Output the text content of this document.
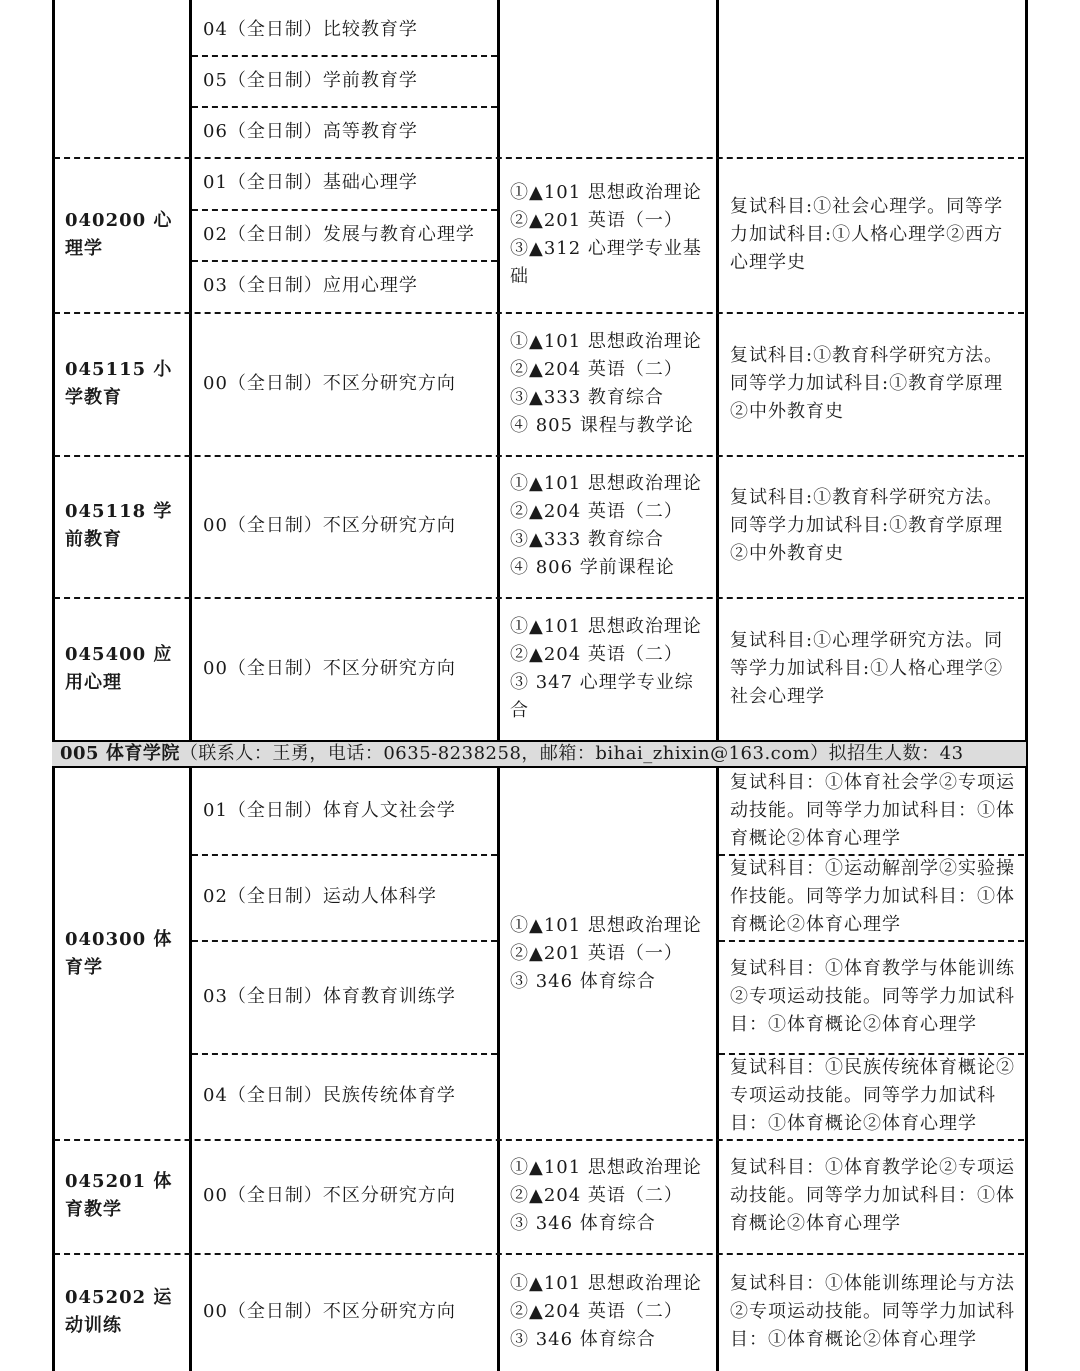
04（全日制）比较教育学
05（全日制）学前教育学
06（全日制）高等教育学
040200 心理学
01（全日制）基础心理学
02（全日制）发展与教育心理学
03（全日制）应用心理学
①▲101 思想政治理论
②▲201 英语（一）
③▲312 心理学专业基础
复试科目:①社会心理学。同等学力加试科目:①人格心理学②西方心理学史
045115 小学教育
00（全日制）不区分研究方向
①▲101 思想政治理论
②▲204 英语（二）
③▲333 教育综合
④ 805 课程与教学论
复试科目:①教育科学研究方法。同等学力加试科目:①教育学原理②中外教育史
045118 学前教育
00（全日制）不区分研究方向
①▲101 思想政治理论
②▲204 英语（二）
③▲333 教育综合
④ 806 学前课程论
复试科目:①教育科学研究方法。同等学力加试科目:①教育学原理②中外教育史
045400 应用心理
00（全日制）不区分研究方向
①▲101 思想政治理论
②▲204 英语（二）
③ 347 心理学专业综合
复试科目:①心理学研究方法。同等学力加试科目:①人格心理学②社会心理学
005 体育学院（联系人：王勇，电话：0635-8238258，邮箱：bihai_zhixin@163.com）拟招生人数：43
040300 体育学
01（全日制）体育人文社会学
02（全日制）运动人体科学
03（全日制）体育教育训练学
04（全日制）民族传统体育学
①▲101 思想政治理论
②▲201 英语（一）
③ 346 体育综合
复试科目：①体育社会学②专项运动技能。同等学力加试科目：①体育概论②体育心理学
复试科目：①运动解剖学②实验操作技能。同等学力加试科目：①体育概论②体育心理学
复试科目：①体育教学与体能训练②专项运动技能。同等学力加试科目：①体育概论②体育心理学
复试科目：①民族传统体育概论②专项运动技能。同等学力加试科目：①体育概论②体育心理学
045201 体育教学
00（全日制）不区分研究方向
①▲101 思想政治理论
②▲204 英语（二）
③ 346 体育综合
复试科目：①体育教学论②专项运动技能。同等学力加试科目：①体育概论②体育心理学
045202 运动训练
00（全日制）不区分研究方向
①▲101 思想政治理论
②▲204 英语（二）
③ 346 体育综合
复试科目：①体能训练理论与方法②专项运动技能。同等学力加试科目：①体育概论②体育心理学
